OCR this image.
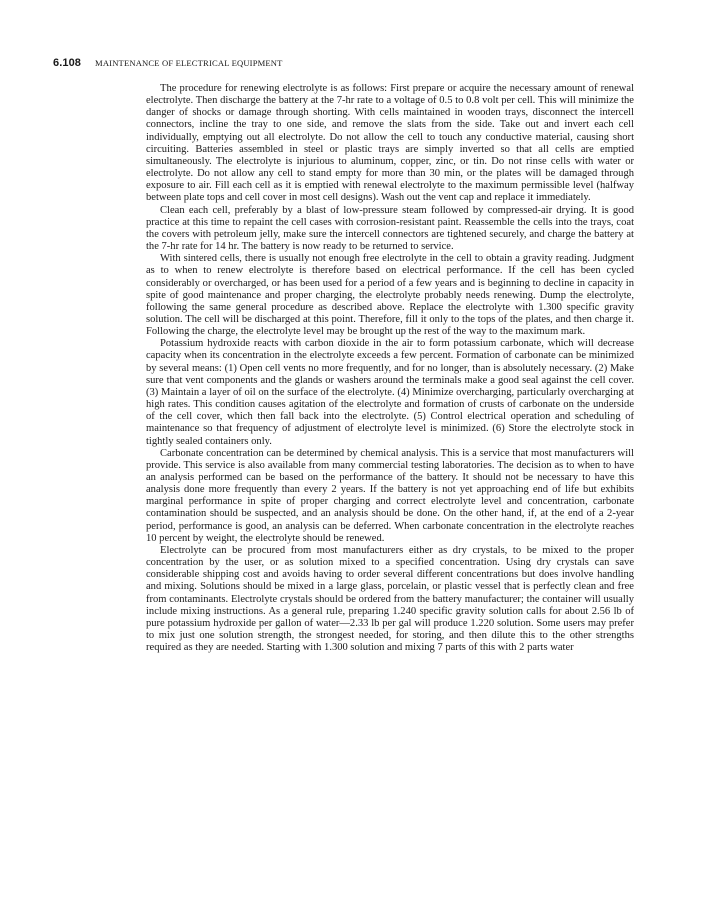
6.108 MAINTENANCE OF ELECTRICAL EQUIPMENT

The procedure for renewing electrolyte is as follows: First prepare or acquire the necessary amount of renewal electrolyte. Then discharge the battery at the 7-hr rate to a voltage of 0.5 to 0.8 volt per cell. This will minimize the danger of shocks or damage through shorting. With cells maintained in wooden trays, disconnect the intercell connectors, incline the tray to one side, and remove the slats from the side. Take out and invert each cell individually, emptying out all electrolyte. Do not allow the cell to touch any conductive material, causing short circuiting. Batteries assembled in steel or plastic trays are simply inverted so that all cells are emptied simultaneously. The electrolyte is injurious to aluminum, copper, zinc, or tin. Do not rinse cells with water or electrolyte. Do not allow any cell to stand empty for more than 30 min, or the plates will be damaged through exposure to air. Fill each cell as it is emptied with renewal electrolyte to the maximum permissible level (halfway between plate tops and cell cover in most cell designs). Wash out the vent cap and replace it immediately.

Clean each cell, preferably by a blast of low-pressure steam followed by compressed-air drying. It is good practice at this time to repaint the cell cases with corrosion-resistant paint. Reassemble the cells into the trays, coat the covers with petroleum jelly, make sure the intercell connectors are tightened securely, and charge the battery at the 7-hr rate for 14 hr. The battery is now ready to be returned to service.

With sintered cells, there is usually not enough free electrolyte in the cell to obtain a gravity reading. Judgment as to when to renew electrolyte is therefore based on electrical performance. If the cell has been cycled considerably or overcharged, or has been used for a period of a few years and is beginning to decline in capacity in spite of good maintenance and proper charging, the electrolyte probably needs renewing. Dump the electrolyte, following the same general procedure as described above. Replace the electrolyte with 1.300 specific gravity solution. The cell will be discharged at this point. Therefore, fill it only to the tops of the plates, and then charge it. Following the charge, the electrolyte level may be brought up the rest of the way to the maximum mark.

Potassium hydroxide reacts with carbon dioxide in the air to form potassium carbonate, which will decrease capacity when its concentration in the electrolyte exceeds a few percent. Formation of carbonate can be minimized by several means: (1) Open cell vents no more frequently, and for no longer, than is absolutely necessary. (2) Make sure that vent components and the glands or washers around the terminals make a good seal against the cell cover. (3) Maintain a layer of oil on the surface of the electrolyte. (4) Minimize overcharging, particularly overcharging at high rates. This condition causes agitation of the electrolyte and formation of crusts of carbonate on the underside of the cell cover, which then fall back into the electrolyte. (5) Control electrical operation and scheduling of maintenance so that frequency of adjustment of electrolyte level is minimized. (6) Store the electrolyte stock in tightly sealed containers only.

Carbonate concentration can be determined by chemical analysis. This is a service that most manufacturers will provide. This service is also available from many commercial testing laboratories. The decision as to when to have an analysis performed can be based on the performance of the battery. It should not be necessary to have this analysis done more frequently than every 2 years. If the battery is not yet approaching end of life but exhibits marginal performance in spite of proper charging and correct electrolyte level and concentration, carbonate contamination should be suspected, and an analysis should be done. On the other hand, if, at the end of a 2-year period, performance is good, an analysis can be deferred. When carbonate concentration in the electrolyte reaches 10 percent by weight, the electrolyte should be renewed.

Electrolyte can be procured from most manufacturers either as dry crystals, to be mixed to the proper concentration by the user, or as solution mixed to a specified concentration. Using dry crystals can save considerable shipping cost and avoids having to order several different concentrations but does involve handling and mixing. Solutions should be mixed in a large glass, porcelain, or plastic vessel that is perfectly clean and free from contaminants. Electrolyte crystals should be ordered from the battery manufacturer; the container will usually include mixing instructions. As a general rule, preparing 1.240 specific gravity solution calls for about 2.56 lb of pure potassium hydroxide per gallon of water—2.33 lb per gal will produce 1.220 solution. Some users may prefer to mix just one solution strength, the strongest needed, for storing, and then dilute this to the other strengths required as they are needed. Starting with 1.300 solution and mixing 7 parts of this with 2 parts water
